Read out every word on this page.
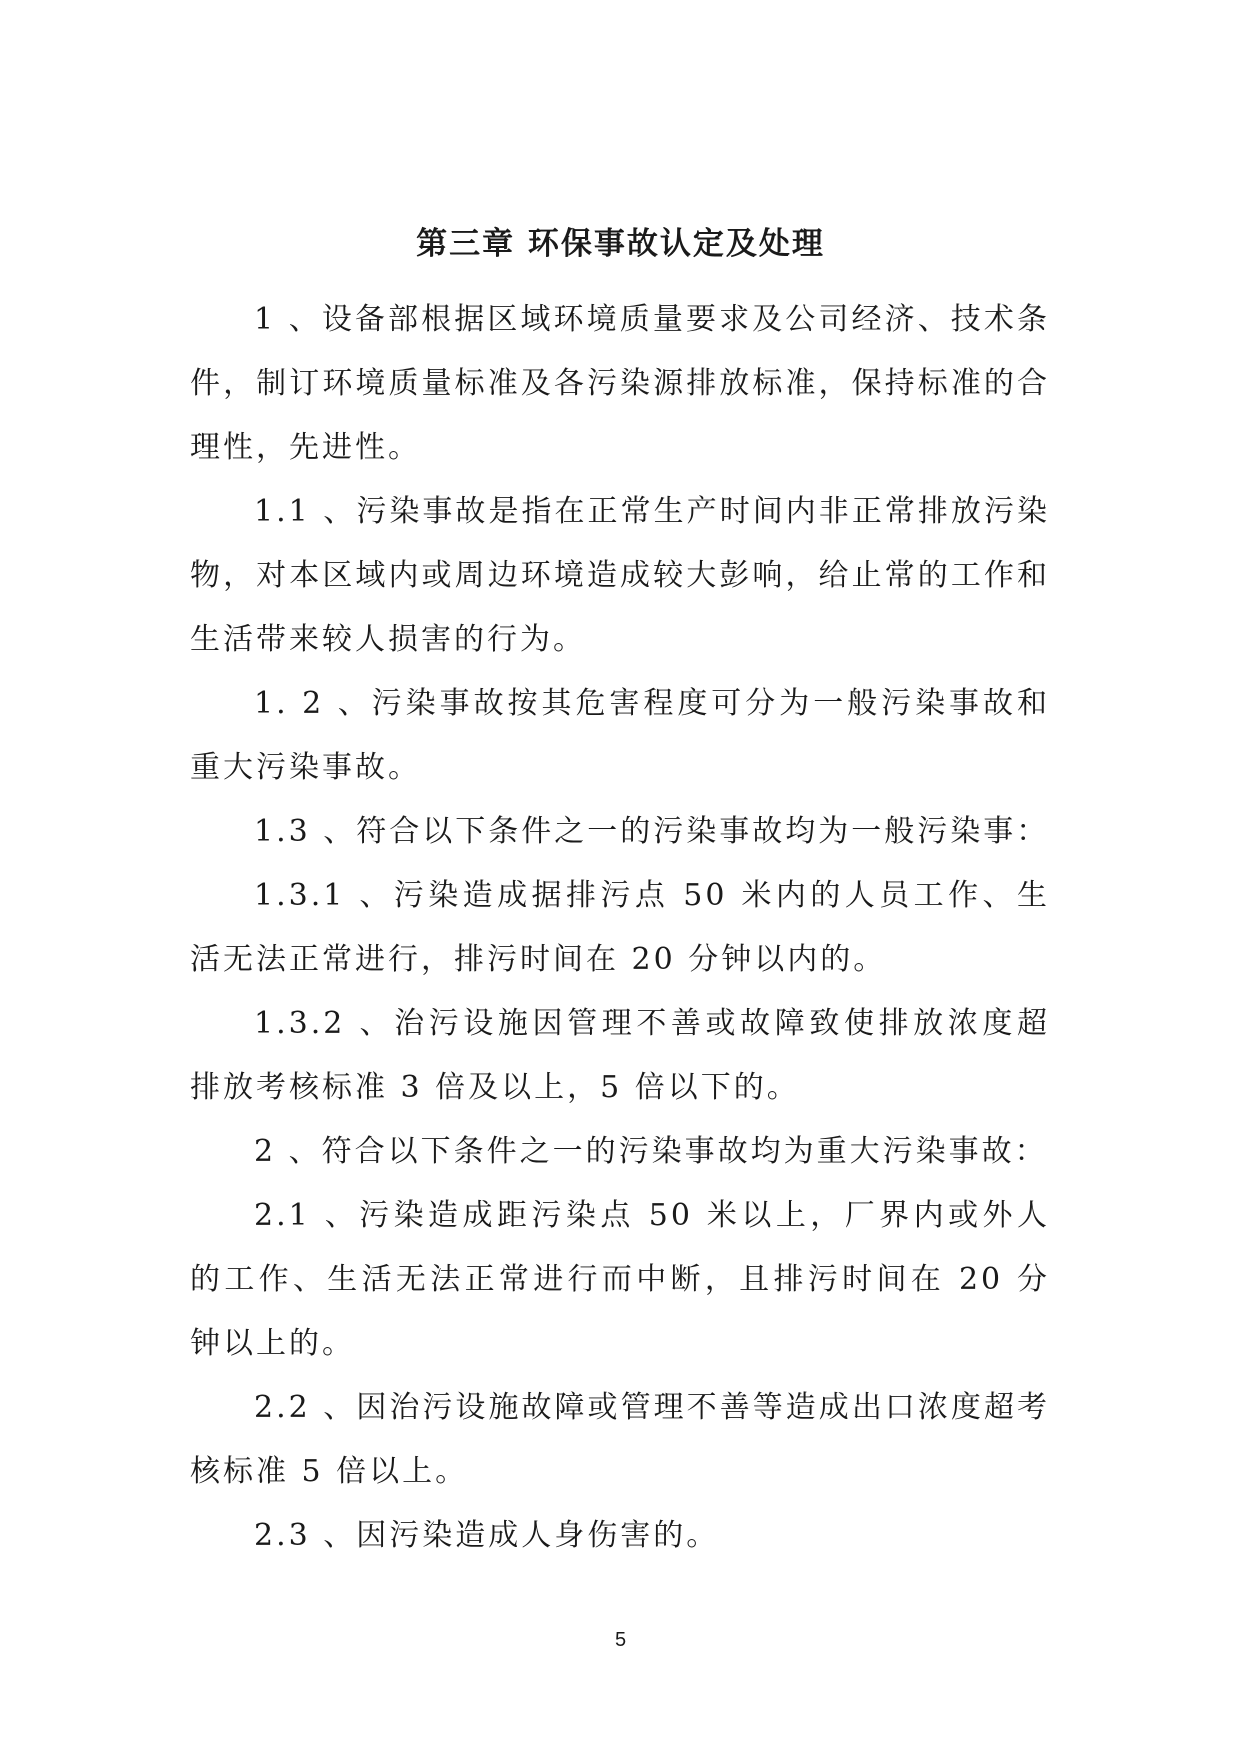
第三章 环保事故认定及处理

1 、设备部根据区域环境质量要求及公司经济、技术条件，制订环境质量标准及各污染源排放标准，保持标准的合理性，先进性。

1.1 、污染事故是指在正常生产时间内非正常排放污染物，对本区域内或周边环境造成较大彭响，给止常的工作和生活带来较人损害的行为。

1. 2 、污染事故按其危害程度可分为一般污染事故和重大污染事故。

1.3 、符合以下条件之一的污染事故均为一般污染事：

1.3.1 、污染造成据排污点 50 米内的人员工作、生活无法正常进行，排污时间在 20 分钟以内的。

1.3.2 、治污设施因管理不善或故障致使排放浓度超排放考核标准 3 倍及以上，5 倍以下的。

2 、符合以下条件之一的污染事故均为重大污染事故：

2.1 、污染造成距污染点 50 米以上，厂界内或外人的工作、生活无法正常进行而中断，且排污时间在 20 分钟以上的。

2.2 、因治污设施故障或管理不善等造成出口浓度超考核标准 5 倍以上。

2.3 、因污染造成人身伤害的。

5
